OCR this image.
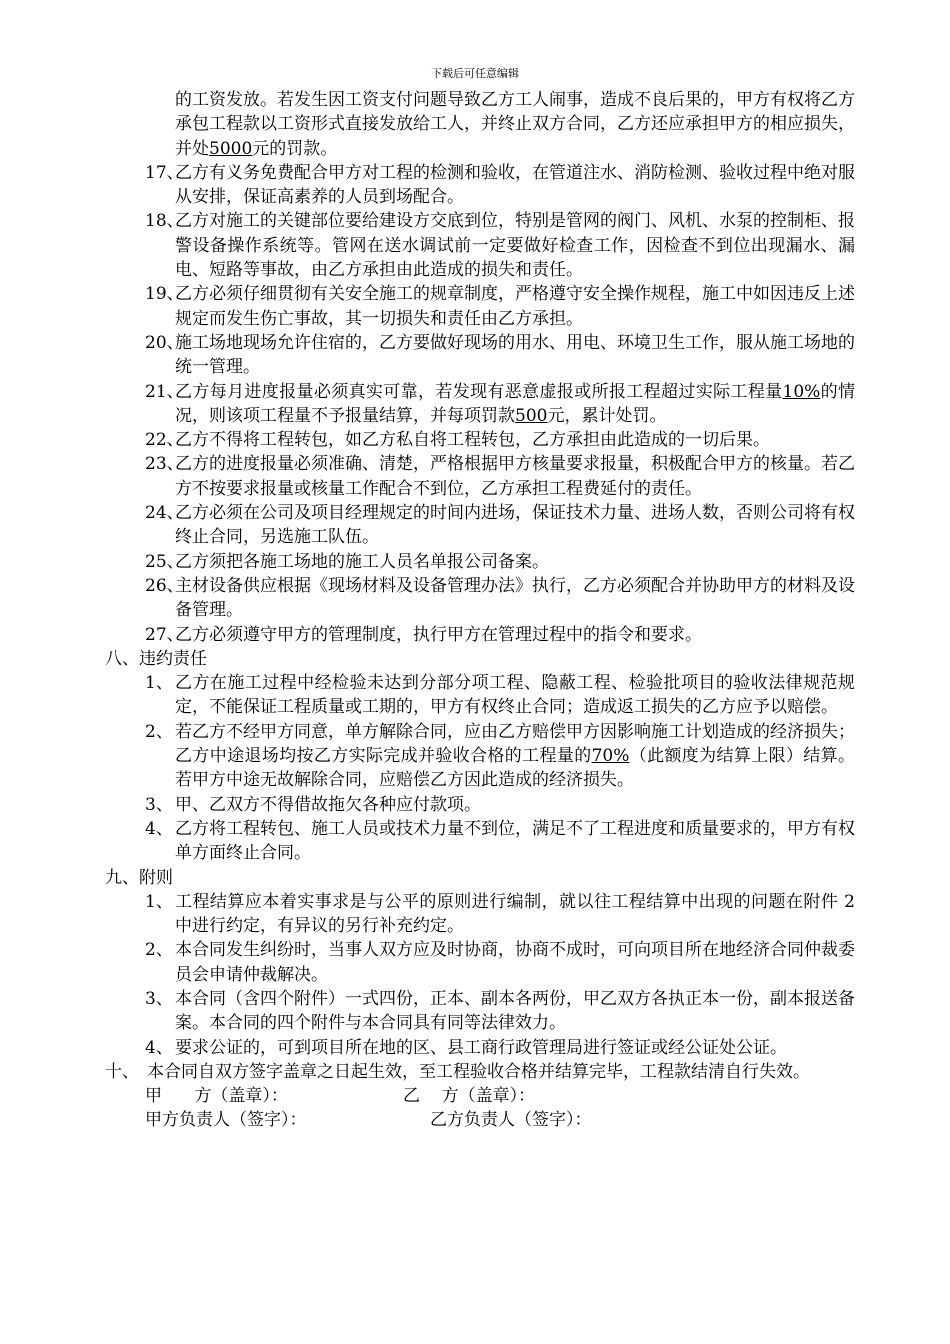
下载后可任意编辑
的工资发放。若发生因工资支付问题导致乙方工人闹事，造成不良后果的，甲方有权将乙方承包工程款以工资形式直接发放给工人，并终止双方合同，乙方还应承担甲方的相应损失，并处5000元的罚款。
17、
乙方有义务免费配合甲方对工程的检测和验收，在管道注水、消防检测、验收过程中绝对服从安排，保证高素养的人员到场配合。
18、
乙方对施工的关键部位要给建设方交底到位，特别是管网的阀门、风机、水泵的控制柜、报警设备操作系统等。管网在送水调试前一定要做好检查工作，因检查不到位出现漏水、漏电、短路等事故，由乙方承担由此造成的损失和责任。
19、
乙方必须仔细贯彻有关安全施工的规章制度，严格遵守安全操作规程，施工中如因违反上述规定而发生伤亡事故，其一切损失和责任由乙方承担。
20、
施工场地现场允许住宿的，乙方要做好现场的用水、用电、环境卫生工作，服从施工场地的统一管理。
21、
乙方每月进度报量必须真实可靠，若发现有恶意虚报或所报工程超过实际工程量10%的情况，则该项工程量不予报量结算，并每项罚款500元，累计处罚。
22、
乙方不得将工程转包，如乙方私自将工程转包，乙方承担由此造成的一切后果。
23、
乙方的进度报量必须准确、清楚，严格根据甲方核量要求报量，积极配合甲方的核量。若乙方不按要求报量或核量工作配合不到位，乙方承担工程费延付的责任。
24、
乙方必须在公司及项目经理规定的时间内进场，保证技术力量、进场人数，否则公司将有权终止合同，另选施工队伍。
25、
乙方须把各施工场地的施工人员名单报公司备案。
26、
主材设备供应根据《现场材料及设备管理办法》执行，乙方必须配合并协助甲方的材料及设备管理。
27、
乙方必须遵守甲方的管理制度，执行甲方在管理过程中的指令和要求。
八、违约责任
1、 乙方在施工过程中经检验未达到分部分项工程、隐蔽工程、检验批项目的验收法律规范规定，不能保证工程质量或工期的，甲方有权终止合同；造成返工损失的乙方应予以赔偿。
2、 若乙方不经甲方同意，单方解除合同，应由乙方赔偿甲方因影响施工计划造成的经济损失；乙方中途退场均按乙方实际完成并验收合格的工程量的70%（此额度为结算上限）结算。若甲方中途无故解除合同，应赔偿乙方因此造成的经济损失。
3、 甲、乙双方不得借故拖欠各种应付款项。
4、 乙方将工程转包、施工人员或技术力量不到位，满足不了工程进度和质量要求的，甲方有权单方面终止合同。
九、附则
1、 工程结算应本着实事求是与公平的原则进行编制，就以往工程结算中出现的问题在附件 2 中进行约定，有异议的另行补充约定。
2、 本合同发生纠纷时，当事人双方应及时协商，协商不成时，可向项目所在地经济合同仲裁委员会申请仲裁解决。
3、 本合同（含四个附件）一式四份，正本、副本各两份，甲乙双方各执正本一份，副本报送备案。本合同的四个附件与本合同具有同等法律效力。
4、 要求公证的，可到项目所在地的区、县工商行政管理局进行签证或经公证处公证。
十、 本合同自双方签字盖章之日起生效，至工程验收合格并结算完毕，工程款结清自行失效。
甲      方（盖章）：	乙    方（盖章）：
甲方负责人（签字）：	乙方负责人（签字）：
